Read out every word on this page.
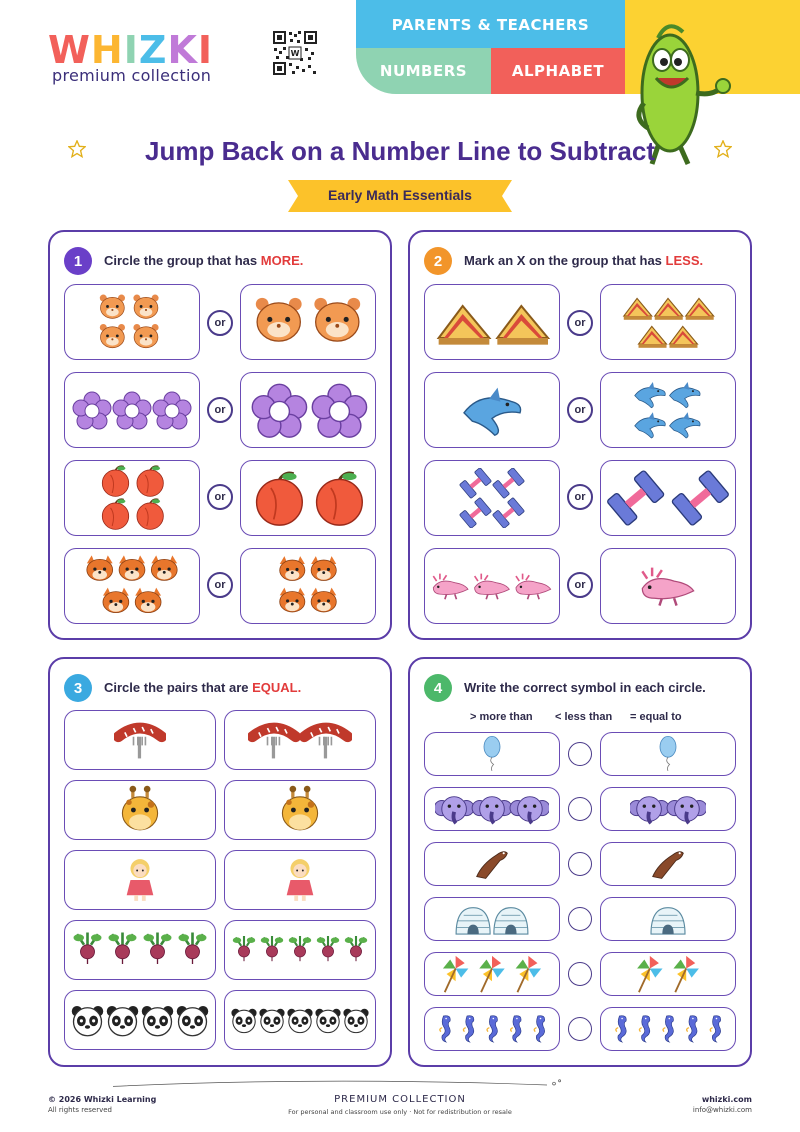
WHIZKI
premium collection
W
PARENTS & TEACHERS
NUMBERS	ALPHABET
Jump Back on a Number Line to Subtract
Early Math Essentials
1	Circle the group that has MORE.
or
or
or
or
2	Mark an X on the group that has LESS.
or
or
or
or
3	Circle the pairs that are EQUAL.	4	Write the correct symbol in each circle.
> more than < less than = equal to
© 2026 Whizki Learning
All rights reserved
PREMIUM COLLECTION
For personal and classroom use only · Not for redistribution or resale
whizki.com
info@whizki.com
